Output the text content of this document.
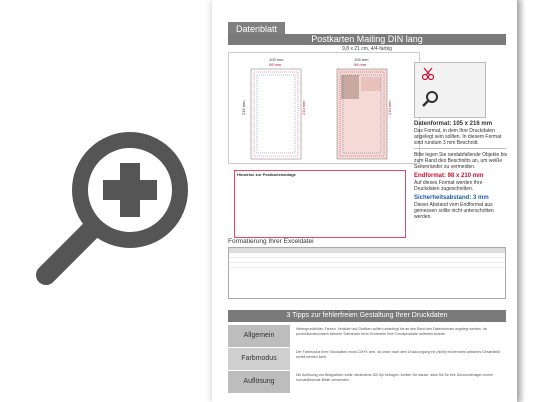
Datenblatt
Postkarten Mailing DIN lang
9,8 x 21 cm, 4/4-farbig
105 mm
98 mm
216 mm	210 mm
105 mm
98 mm
210 mm
Datenformat: 105 x 216 mm

Das Format, in dem Ihre Druckdaten angelegt sein sollten. In diesem Format sind rundum 3 mm Beschnitt.

Bitte legen Sie randabfallende Objekte bis zum Rand des Beschnitts an, um weiße Seitenränder zu vermeiden.

Endformat: 98 x 210 mm

Auf dieses Format werden Ihre Druckdaten zugeschnitten.

Sicherheitsabstand: 3 mm

Dieser Abstand vom Endformat aus gemessen sollte nicht unterschritten werden.

Hinweise zur Postkartenanlage
Formatierung Ihrer Exceldatei
3 Tipps zur fehlerfreien Gestaltung Ihrer Druckdaten
Allgemein
Hintergrundbilder, Farben, Verläufe und Grafiken sollten unbedingt bis an den Rand des Datenformats angelegt werden, da produktionstechnisch kleinere Toleranzen beim Schneiden Ihrer Druckprodukte auftreten können.
Farbmodus
Der Farbmodus Ihrer Druckdaten muss CMYK sein, da unser nach dem Druckvorgang ein (nicht) reicherndes optisches Gesamtbild erzielt werden kann.
Auflösung
Die Auflösung von Bildgrafiken sollte mindestens 300 dpi betragen. Achten Sie darauf, dass Sie für Ihre Druckunterlagen immer hochauflösende Bilder verwenden.
